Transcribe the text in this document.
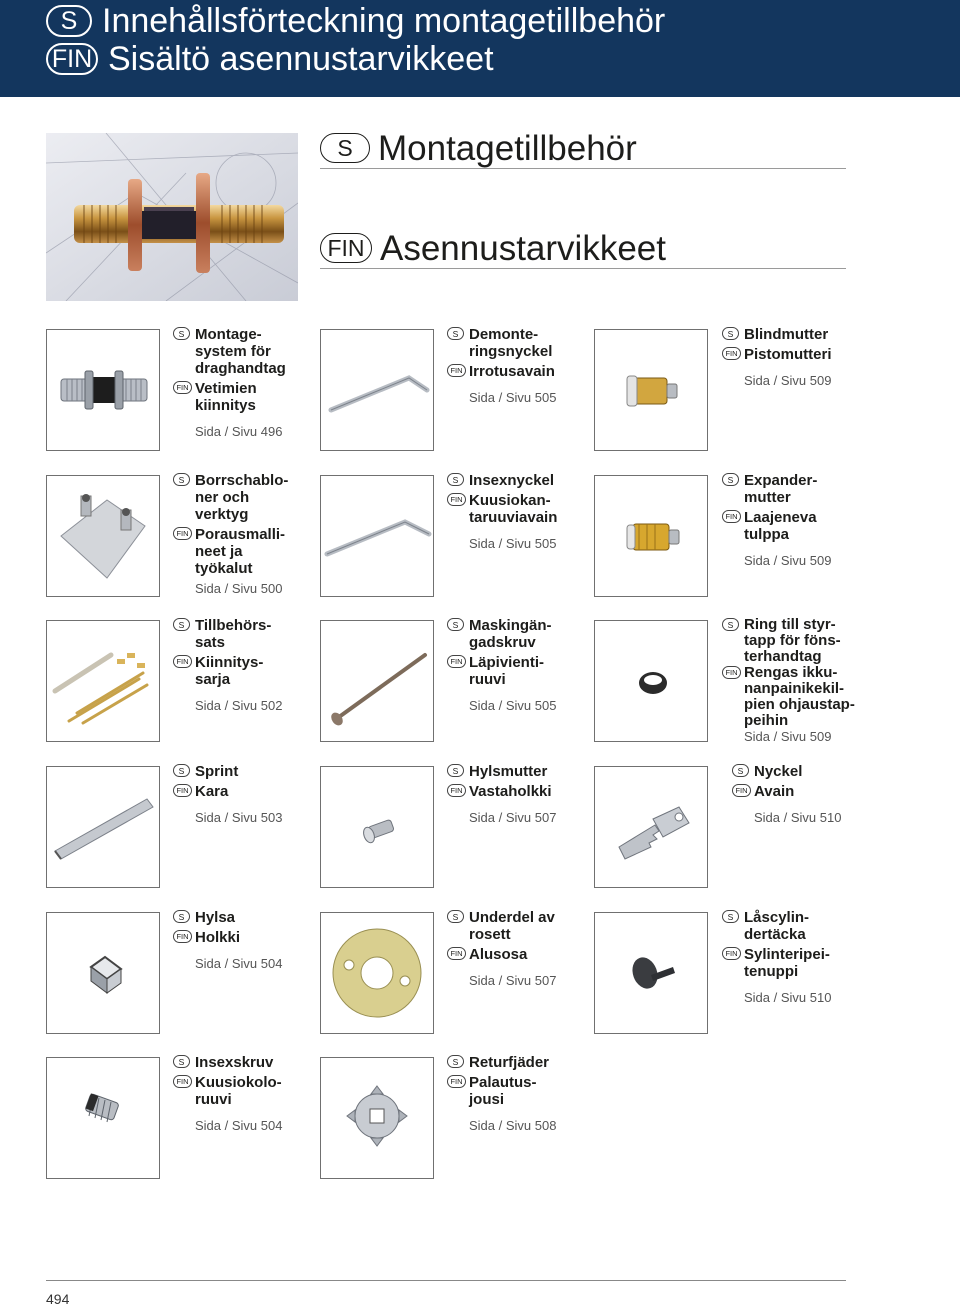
S Innehållsförteckning montagetillbehör
FIN Sisältö asennustarvikkeet
S Montagetillbehör
FIN Asennustarvikkeet
S Montage-
system för
draghandtag
FIN Vetimien
kiinnitys
Sida / Sivu 496
S Demonte-
ringsnyckel
FIN Irrotusavain
Sida / Sivu 505
S Blindmutter
FIN Pistomutteri
Sida / Sivu 509
S Borrschablo-
ner och
verktyg
FIN Porausmalli-
neet ja
työkalut
Sida / Sivu 500
S Insexnyckel
FIN Kuusiokan-
taruuviavain
Sida / Sivu 505
S Expander-
mutter
FIN Laajeneva
tulppa
Sida / Sivu 509
S Tillbehörs-
sats
FIN Kiinnitys-
sarja
Sida / Sivu 502
S Maskingän-
gadskruv
FIN Läpivienti-
ruuvi
Sida / Sivu 505
S Ring till styr-
tapp för föns-
terhandtag
FIN Rengas ikku-
nanpainikekil-
pien ohjaustap-
peihin
Sida / Sivu 509
S Sprint
FIN Kara
Sida / Sivu 503
S Hylsmutter
FIN Vastaholkki
Sida / Sivu 507
S Nyckel
FIN Avain
Sida / Sivu 510
S Hylsa
FIN Holkki
Sida / Sivu 504
S Underdel av
rosett
FIN Alusosa
Sida / Sivu 507
S Låscylin-
dertäcka
FIN Sylinteripei-
tenuppi
Sida / Sivu 510
S Insexskruv
FIN Kuusiokolo-
ruuvi
Sida / Sivu 504
S Returfjäder
FIN Palautus-
jousi
Sida / Sivu 508
494
